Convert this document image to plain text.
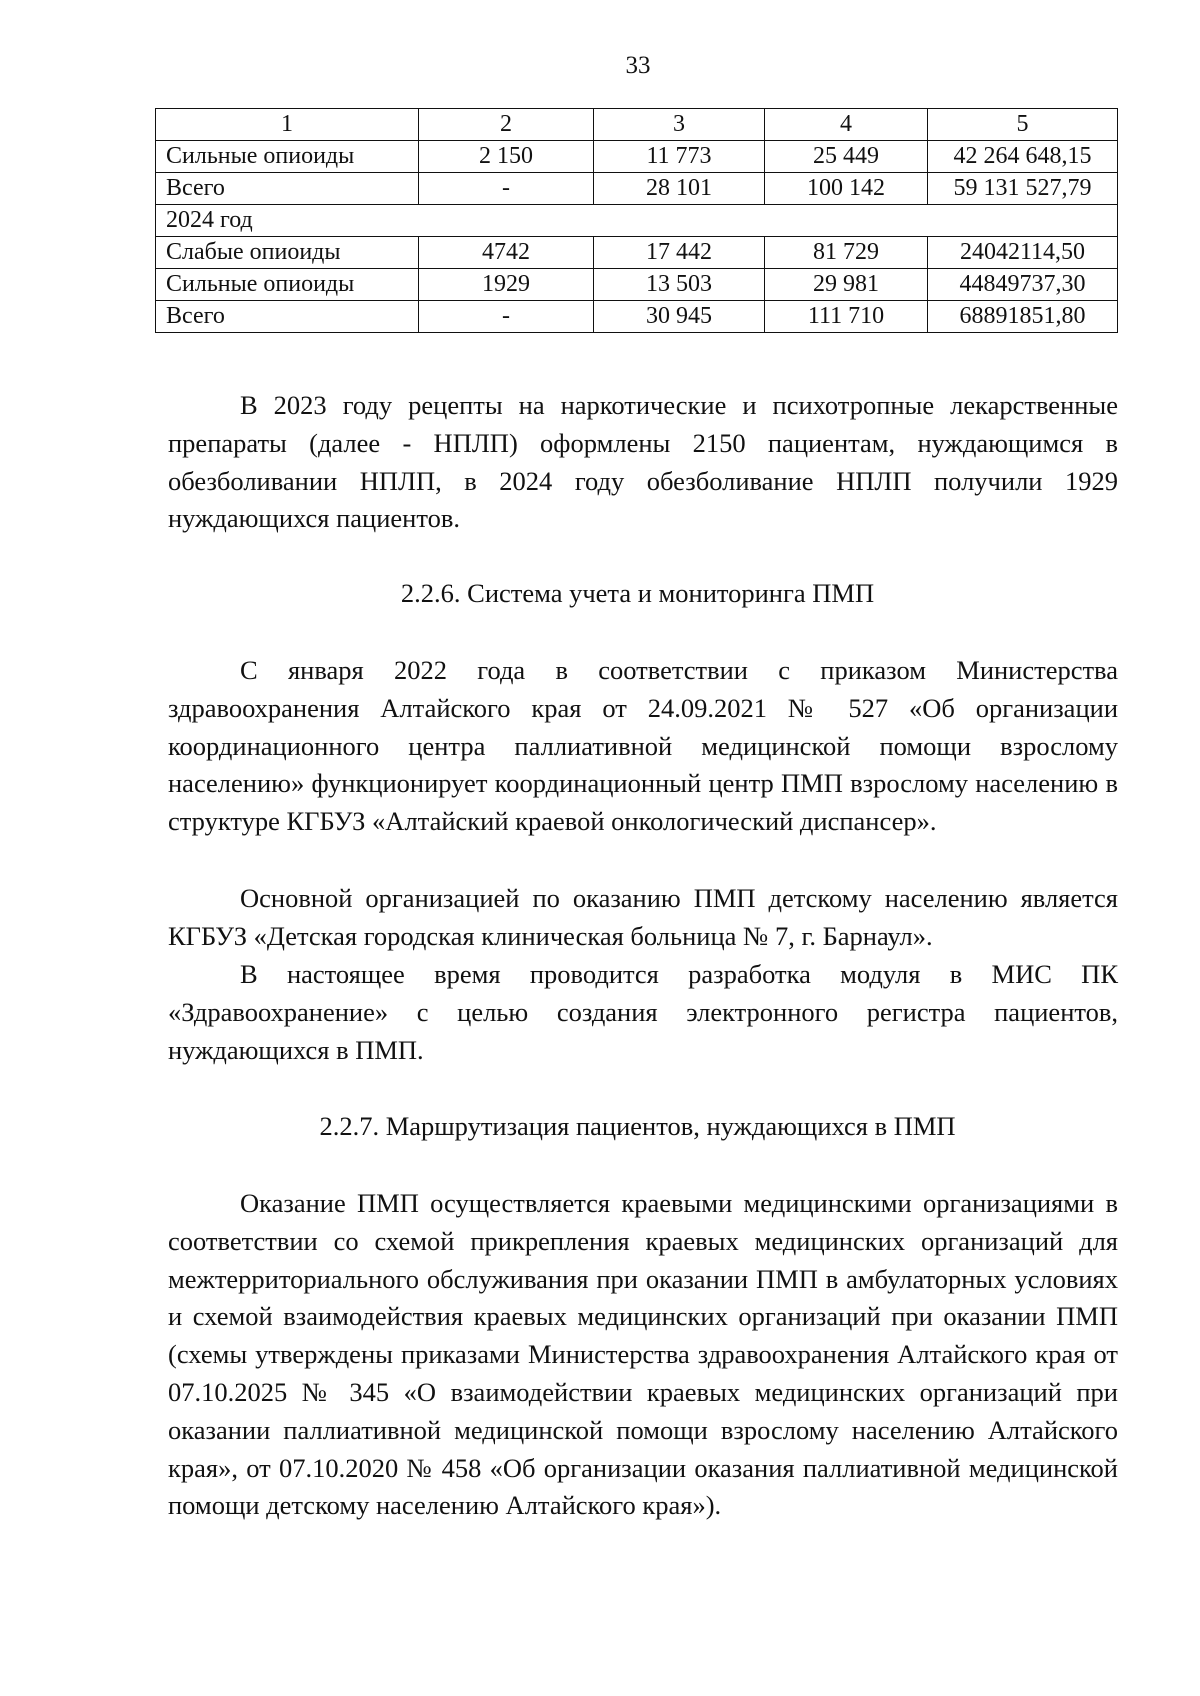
33
1	2	3	4	5
Сильные опиоиды	2 150	11 773	25 449	42 264 648,15
Всего	-	28 101	100 142	59 131 527,79
2024 год				
Слабые опиоиды	4742	17 442	81 729	24042114,50
Сильные опиоиды	1929	13 503	29 981	44849737,30
Всего	-	30 945	111 710	68891851,80

В 2023 году рецепты на наркотические и психотропные лекарственные препараты (далее - НПЛП) оформлены 2150 пациентам, нуждающимся в обезболивании НПЛП, в 2024 году обезболивание НПЛП получили 1929 нуждающихся пациентов.

2.2.6. Система учета и мониторинга ПМП

С января 2022 года в соответствии с приказом Министерства здравоохранения Алтайского края от 24.09.2021 № 527 «Об организации координационного центра паллиативной медицинской помощи взрослому населению» функционирует координационный центр ПМП взрослому населению в структуре КГБУЗ «Алтайский краевой онкологический диспансер».

Основной организацией по оказанию ПМП детскому населению является КГБУЗ «Детская городская клиническая больница № 7, г. Барнаул».

В настоящее время проводится разработка модуля в МИС ПК «Здравоохранение» с целью создания электронного регистра пациентов, нуждающихся в ПМП.

2.2.7. Маршрутизация пациентов, нуждающихся в ПМП

Оказание ПМП осуществляется краевыми медицинскими организациями в соответствии со схемой прикрепления краевых медицинских организаций для межтерриториального обслуживания при оказании ПМП в амбулаторных условиях и схемой взаимодействия краевых медицинских организаций при оказании ПМП (схемы утверждены приказами Министерства здравоохранения Алтайского края от 07.10.2025 № 345 «О взаимодействии краевых медицинских организаций при оказании паллиативной медицинской помощи взрослому населению Алтайского края», от 07.10.2020 № 458 «Об организации оказания паллиативной медицинской помощи детскому населению Алтайского края»).
